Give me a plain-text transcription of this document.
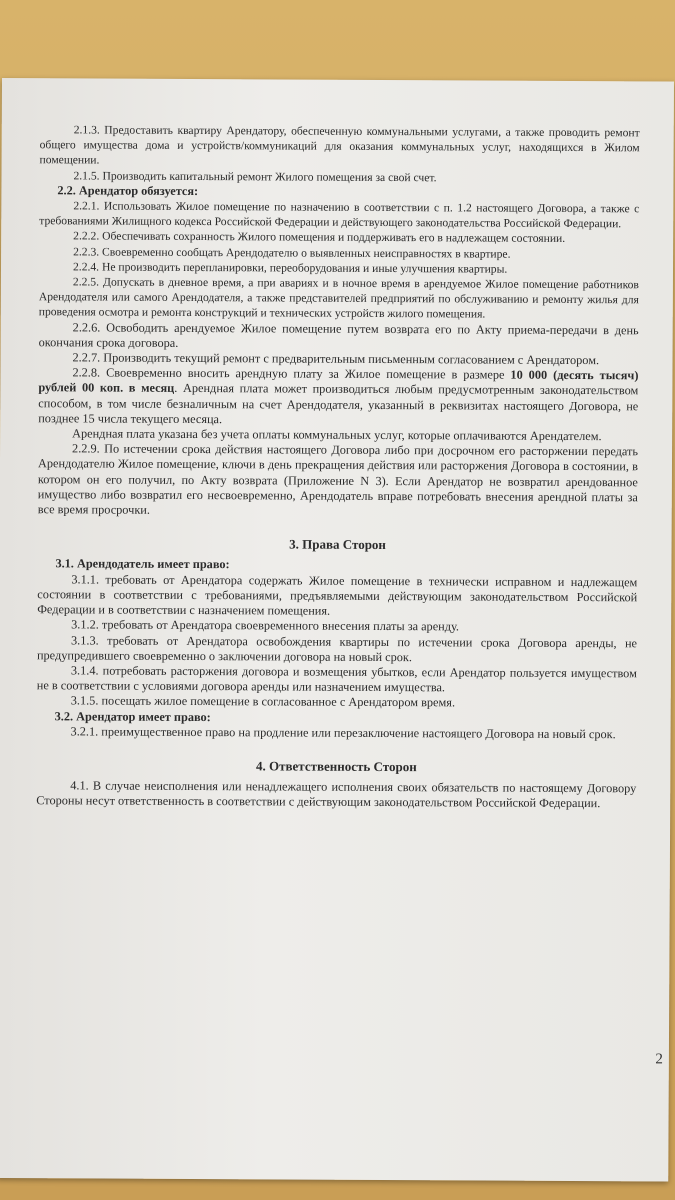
2.1.3. Предоставить квартиру Арендатору, обеспеченную коммунальными услугами, а также проводить ремонт общего имущества дома и устройств/коммуникаций для оказания коммунальных услуг, находящихся в Жилом помещении.

2.1.5. Производить капитальный ремонт Жилого помещения за свой счет.

2.2. Арендатор обязуется:

2.2.1. Использовать Жилое помещение по назначению в соответствии с п. 1.2 настоящего Договора, а также с требованиями Жилищного кодекса Российской Федерации и действующего законодательства Российской Федерации.

2.2.2. Обеспечивать сохранность Жилого помещения и поддерживать его в надлежащем состоянии.

2.2.3. Своевременно сообщать Арендодателю о выявленных неисправностях в квартире.

2.2.4. Не производить перепланировки, переоборудования и иные улучшения квартиры.

2.2.5. Допускать в дневное время, а при авариях и в ночное время в арендуемое Жилое помещение работников Арендодателя или самого Арендодателя, а также представителей предприятий по обслуживанию и ремонту жилья для проведения осмотра и ремонта конструкций и технических устройств жилого помещения.

2.2.6. Освободить арендуемое Жилое помещение путем возврата его по Акту приема-передачи в день окончания срока договора.

2.2.7. Производить текущий ремонт с предварительным письменным согласованием с Арендатором.

2.2.8. Своевременно вносить арендную плату за Жилое помещение в размере 10 000 (десять тысяч) рублей 00 коп. в месяц. Арендная плата может производиться любым предусмотренным законодательством способом, в том числе безналичным на счет Арендодателя, указанный в реквизитах настоящего Договора, не позднее 15 числа текущего месяца.

Арендная плата указана без учета оплаты коммунальных услуг, которые оплачиваются Арендателем.

2.2.9. По истечении срока действия настоящего Договора либо при досрочном его расторжении передать Арендодателю Жилое помещение, ключи в день прекращения действия или расторжения Договора в состоянии, в котором он его получил, по Акту возврата (Приложение N 3). Если Арендатор не возвратил арендованное имущество либо возвратил его несвоевременно, Арендодатель вправе потребовать внесения арендной платы за все время просрочки.

3. Права Сторон

3.1. Арендодатель имеет право:

3.1.1. требовать от Арендатора содержать Жилое помещение в технически исправном и надлежащем состоянии в соответствии с требованиями, предъявляемыми действующим законодательством Российской Федерации и в соответствии с назначением помещения.

3.1.2. требовать от Арендатора своевременного внесения платы за аренду.

3.1.3. требовать от Арендатора освобождения квартиры по истечении срока Договора аренды, не предупредившего своевременно о заключении договора на новый срок.

3.1.4. потребовать расторжения договора и возмещения убытков, если Арендатор пользуется имуществом не в соответствии с условиями договора аренды или назначением имущества.

3.1.5. посещать жилое помещение в согласованное с Арендатором время.

3.2. Арендатор имеет право:

3.2.1. преимущественное право на продление или перезаключение настоящего Договора на новый срок.

4. Ответственность Сторон

4.1. В случае неисполнения или ненадлежащего исполнения своих обязательств по настоящему Договору Стороны несут ответственность в соответствии с действующим законодательством Российской Федерации.

2
